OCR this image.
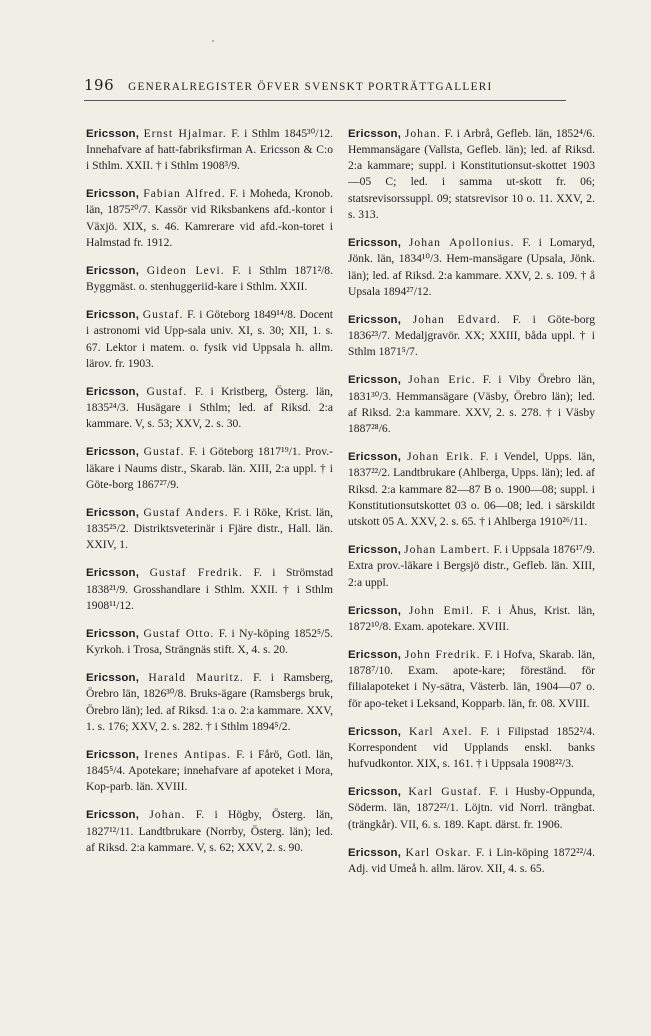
196 GENERALREGISTER ÖFVER SVENSKT PORTRÄTTGALLERI

Ericsson, Ernst Hjalmar. F. i Sthlm 1845³⁰/12. Innehafvare af hatt-fabriksfirman A. Ericsson & C:o i Sthlm. XXII. † i Sthlm 1908³/9.

Ericsson, Fabian Alfred. F. i Moheda, Kronob. län, 1875²⁰/7. Kassör vid Riksbankens afd.-kontor i Växjö. XIX, s. 46. Kamrerare vid afd.-kon-toret i Halmstad fr. 1912.

Ericsson, Gideon Levi. F. i Sthlm 1871²/8. Byggmäst. o. stenhuggeriid-kare i Sthlm. XXII.

Ericsson, Gustaf. F. i Göteborg 1849¹⁴/8. Docent i astronomi vid Upp-sala univ. XI, s. 30; XII, 1. s. 67. Lektor i matem. o. fysik vid Uppsala h. allm. lärov. fr. 1903.

Ericsson, Gustaf. F. i Kristberg, Österg. län, 1835²⁴/3. Husägare i Sthlm; led. af Riksd. 2:a kammare. V, s. 53; XXV, 2. s. 30.

Ericsson, Gustaf. F. i Göteborg 1817¹⁹/1. Prov.-läkare i Naums distr., Skarab. län. XIII, 2:a uppl. † i Göte-borg 1867²⁷/9.

Ericsson, Gustaf Anders. F. i Röke, Krist. län, 1835²⁵/2. Distriktsveterinär i Fjäre distr., Hall. län. XXIV, 1.

Ericsson, Gustaf Fredrik. F. i Strömstad 1838²¹/9. Grosshandlare i Sthlm. XXII. † i Sthlm 1908¹¹/12.

Ericsson, Gustaf Otto. F. i Ny-köping 1852⁵/5. Kyrkoh. i Trosa, Strängnäs stift. X, 4. s. 20.

Ericsson, Harald Mauritz. F. i Ramsberg, Örebro län, 1826³⁰/8. Bruks-ägare (Ramsbergs bruk, Örebro län); led. af Riksd. 1:a o. 2:a kammare. XXV, 1. s. 176; XXV, 2. s. 282. † i Sthlm 1894⁵/2.

Ericsson, Irenes Antipas. F. i Fårö, Gotl. län, 1845⁵/4. Apotekare; innehafvare af apoteket i Mora, Kop-parb. län. XVIII.

Ericsson, Johan. F. i Högby, Österg. län, 1827¹²/11. Landtbrukare (Norrby, Österg. län); led. af Riksd. 2:a kammare. V, s. 62; XXV, 2. s. 90.

Ericsson, Johan. F. i Arbrå, Gefleb. län, 1852⁴/6. Hemmansägare (Vallsta, Gefleb. län); led. af Riksd. 2:a kammare; suppl. i Konstitutionsut-skottet 1903—05 C; led. i samma ut-skott fr. 06; statsrevisorssuppl. 09; statsrevisor 10 o. 11. XXV, 2. s. 313.

Ericsson, Johan Apollonius. F. i Lomaryd, Jönk. län, 1834¹⁰/3. Hem-mansägare (Upsala, Jönk. län); led. af Riksd. 2:a kammare. XXV, 2. s. 109. † å Upsala 1894²⁷/12.

Ericsson, Johan Edvard. F. i Göte-borg 1836²³/7. Medaljgravör. XX; XXIII, båda uppl. † i Sthlm 1871⁵/7.

Ericsson, Johan Eric. F. i Viby Örebro län, 1831³⁰/3. Hemmansägare (Väsby, Örebro län); led. af Riksd. 2:a kammare. XXV, 2. s. 278. † i Väsby 1887²⁸/6.

Ericsson, Johan Erik. F. i Vendel, Upps. län, 1837²²/2. Landtbrukare (Ahlberga, Upps. län); led. af Riksd. 2:a kammare 82—87 B o. 1900—08; suppl. i Konstitutionsutskottet 03 o. 06—08; led. i särskildt utskott 05 A. XXV, 2. s. 65. † i Ahlberga 1910²⁶/11.

Ericsson, Johan Lambert. F. i Uppsala 1876¹⁷/9. Extra prov.-läkare i Bergsjö distr., Gefleb. län. XIII, 2:a uppl.

Ericsson, John Emil. F. i Åhus, Krist. län, 1872¹⁰/8. Exam. apotekare. XVIII.

Ericsson, John Fredrik. F. i Hofva, Skarab. län, 1878⁷/10. Exam. apote-kare; föreständ. för filialapoteket i Ny-sätra, Västerb. län, 1904—07 o. för apo-teket i Leksand, Kopparb. län, fr. 08. XVIII.

Ericsson, Karl Axel. F. i Filipstad 1852²/4. Korrespondent vid Upplands enskl. banks hufvudkontor. XIX, s. 161. † i Uppsala 1908²²/3.

Ericsson, Karl Gustaf. F. i Husby-Oppunda, Söderm. län, 1872²²/1. Löjtn. vid Norrl. trängbat. (trängkår). VII, 6. s. 189. Kapt. därst. fr. 1906.

Ericsson, Karl Oskar. F. i Lin-köping 1872²²/4. Adj. vid Umeå h. allm. lärov. XII, 4. s. 65.
